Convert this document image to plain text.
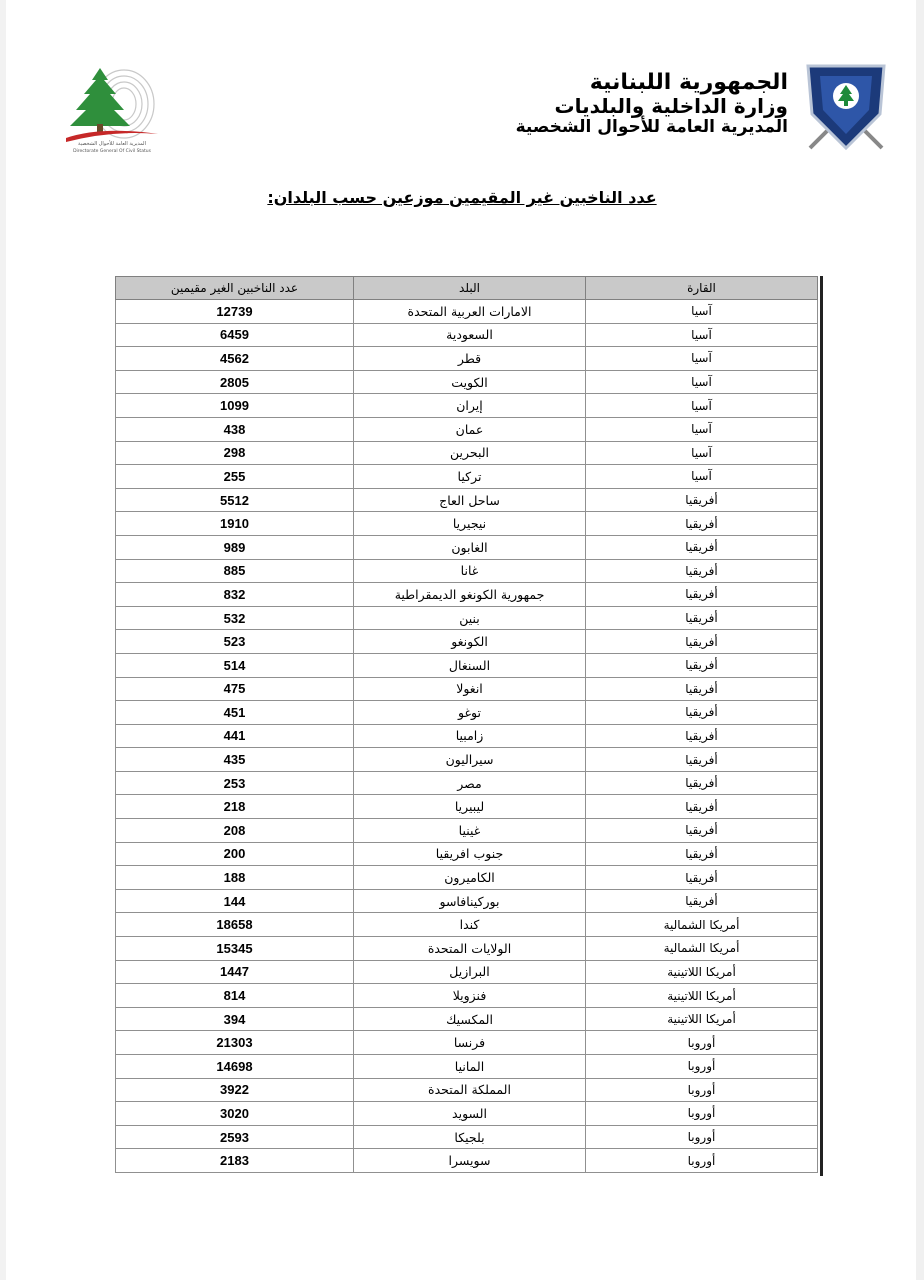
الجمهورية اللبنانية
وزارة الداخلية والبلديات
المديرية العامة للأحوال الشخصية
المديرية العامة للأحوال الشخصية
Directorate General Of Civil Status
عدد الناخبين غير المقيمين موزعين حسب البلدان:
القارة	البلد	عدد الناخبين الغير مقيمين
آسيا	الامارات العربية المتحدة	12739
آسيا	السعودية	6459
آسيا	قطر	4562
آسيا	الكويت	2805
آسيا	إيران	1099
آسيا	عمان	438
آسيا	البحرين	298
آسيا	تركيا	255
أفريقيا	ساحل العاج	5512
أفريقيا	نيجيريا	1910
أفريقيا	الغابون	989
أفريقيا	غانا	885
أفريقيا	جمهورية الكونغو الديمقراطية	832
أفريقيا	بنين	532
أفريقيا	الكونغو	523
أفريقيا	السنغال	514
أفريقيا	انغولا	475
أفريقيا	توغو	451
أفريقيا	زامبيا	441
أفريقيا	سيراليون	435
أفريقيا	مصر	253
أفريقيا	ليبيريا	218
أفريقيا	غينيا	208
أفريقيا	جنوب افريقيا	200
أفريقيا	الكاميرون	188
أفريقيا	بوركينافاسو	144
أمريكا الشمالية	كندا	18658
أمريكا الشمالية	الولايات المتحدة	15345
أمريكا اللاتينية	البرازيل	1447
أمريكا اللاتينية	فنزويلا	814
أمريكا اللاتينية	المكسيك	394
أوروبا	فرنسا	21303
أوروبا	المانيا	14698
أوروبا	المملكة المتحدة	3922
أوروبا	السويد	3020
أوروبا	بلجيكا	2593
أوروبا	سويسرا	2183
